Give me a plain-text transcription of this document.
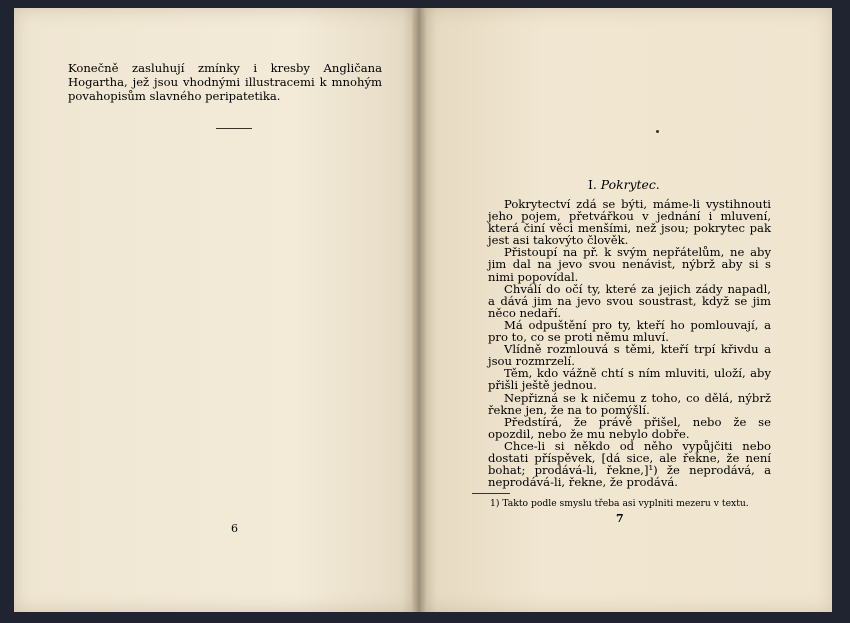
Konečně zasluhují zmínky i kresby Angličana Hogartha, jež jsou vhodnými illustracemi k mnohým povahopisům slavného peripatetika.

6
I. Pokrytec.

Pokrytectví zdá se býti, máme-li vystihnouti jeho pojem, přetvářkou v jednání i mluvení, která činí věci menšími, než jsou; pokrytec pak jest asi takovýto člověk.

Přistoupí na př. k svým nepřátelům, ne aby jim dal na jevo svou nenávist, nýbrž aby si s nimi popovídal.

Chválí do očí ty, které za jejich zády napadl, a dává jim na jevo svou soustrast, když se jim něco nedaří.

Má odpuštění pro ty, kteří ho pomlouvají, a pro to, co se proti němu mluví.

Vlídně rozmlouvá s těmi, kteří trpí křivdu a jsou rozmrzelí.

Těm, kdo vážně chtí s ním mluviti, uloží, aby přišli ještě jednou.

Nepřizná se k ničemu z toho, co dělá, nýbrž řekne jen, že na to pomýšlí.

Předstírá, že právě přišel, nebo že se opozdil, nebo že mu nebylo dobře.

Chce-li si někdo od něho vypůjčiti nebo dostati příspěvek, [dá sice, ale řekne, že není bohat; prodává-li, řekne,]¹) že neprodává, a neprodává-li, řekne, že prodává.

1) Takto podle smyslu třeba asi vyplniti mezeru v textu.
7
